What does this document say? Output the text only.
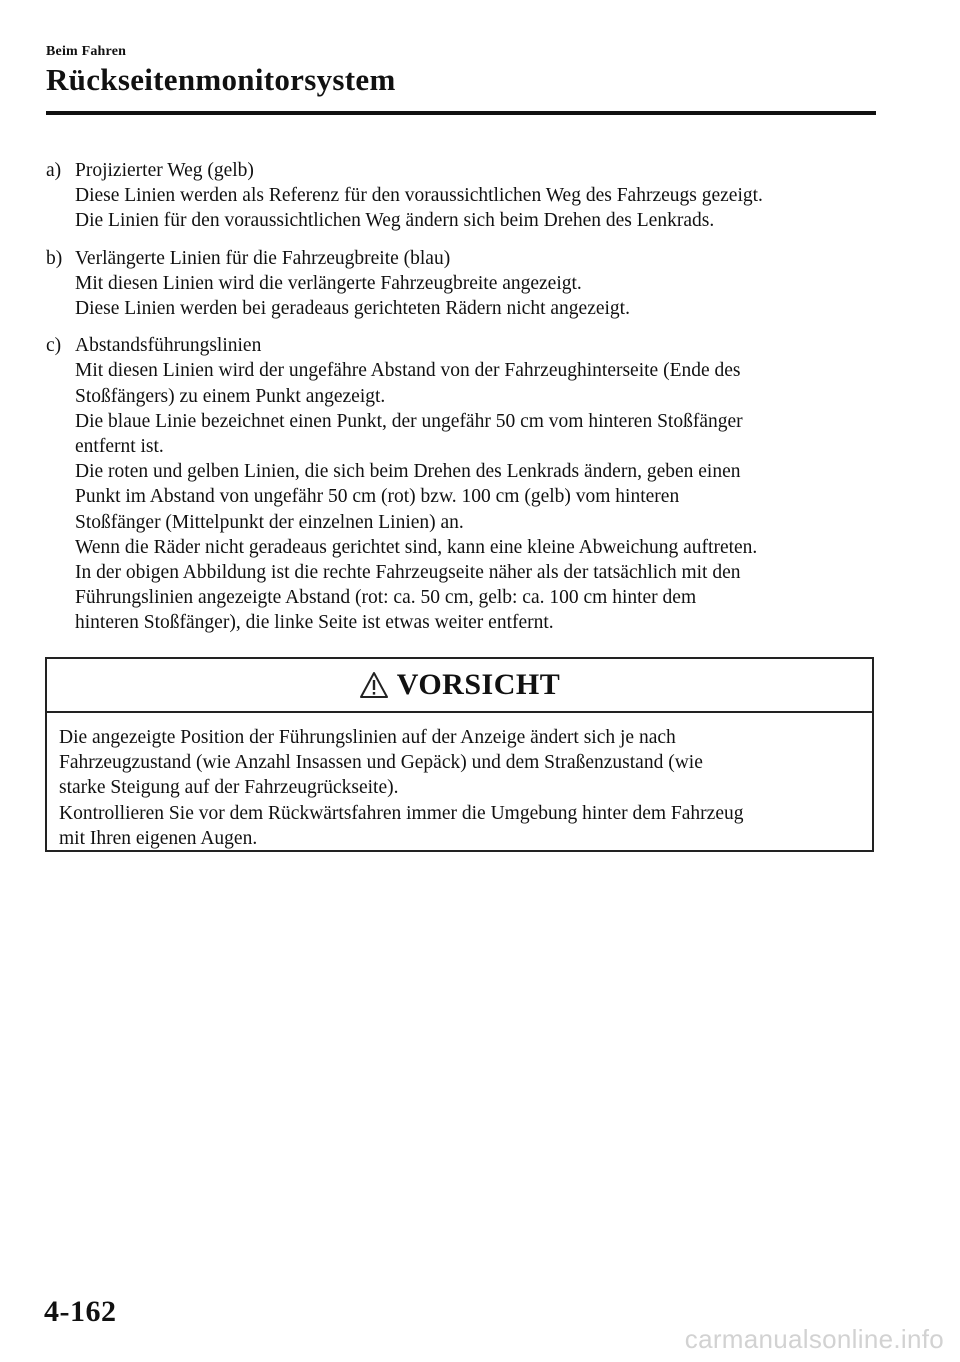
Beim Fahren
Rückseitenmonitorsystem
a) Projizierter Weg (gelb)
Diese Linien werden als Referenz für den voraussichtlichen Weg des Fahrzeugs gezeigt.
Die Linien für den voraussichtlichen Weg ändern sich beim Drehen des Lenkrads.
b) Verlängerte Linien für die Fahrzeugbreite (blau)
Mit diesen Linien wird die verlängerte Fahrzeugbreite angezeigt.
Diese Linien werden bei geradeaus gerichteten Rädern nicht angezeigt.
c) Abstandsführungslinien
Mit diesen Linien wird der ungefähre Abstand von der Fahrzeughinterseite (Ende des
Stoßfängers) zu einem Punkt angezeigt.
Die blaue Linie bezeichnet einen Punkt, der ungefähr 50 cm vom hinteren Stoßfänger
entfernt ist.
Die roten und gelben Linien, die sich beim Drehen des Lenkrads ändern, geben einen
Punkt im Abstand von ungefähr 50 cm (rot) bzw. 100 cm (gelb) vom hinteren
Stoßfänger (Mittelpunkt der einzelnen Linien) an.
Wenn die Räder nicht geradeaus gerichtet sind, kann eine kleine Abweichung auftreten.
In der obigen Abbildung ist die rechte Fahrzeugseite näher als der tatsächlich mit den
Führungslinien angezeigte Abstand (rot: ca. 50 cm, gelb: ca. 100 cm hinter dem
hinteren Stoßfänger), die linke Seite ist etwas weiter entfernt.
VORSICHT
Die angezeigte Position der Führungslinien auf der Anzeige ändert sich je nach
Fahrzeugzustand (wie Anzahl Insassen und Gepäck) und dem Straßenzustand (wie
starke Steigung auf der Fahrzeugrückseite).
Kontrollieren Sie vor dem Rückwärtsfahren immer die Umgebung hinter dem Fahrzeug
mit Ihren eigenen Augen.
4-162
carmanualsonline.info
